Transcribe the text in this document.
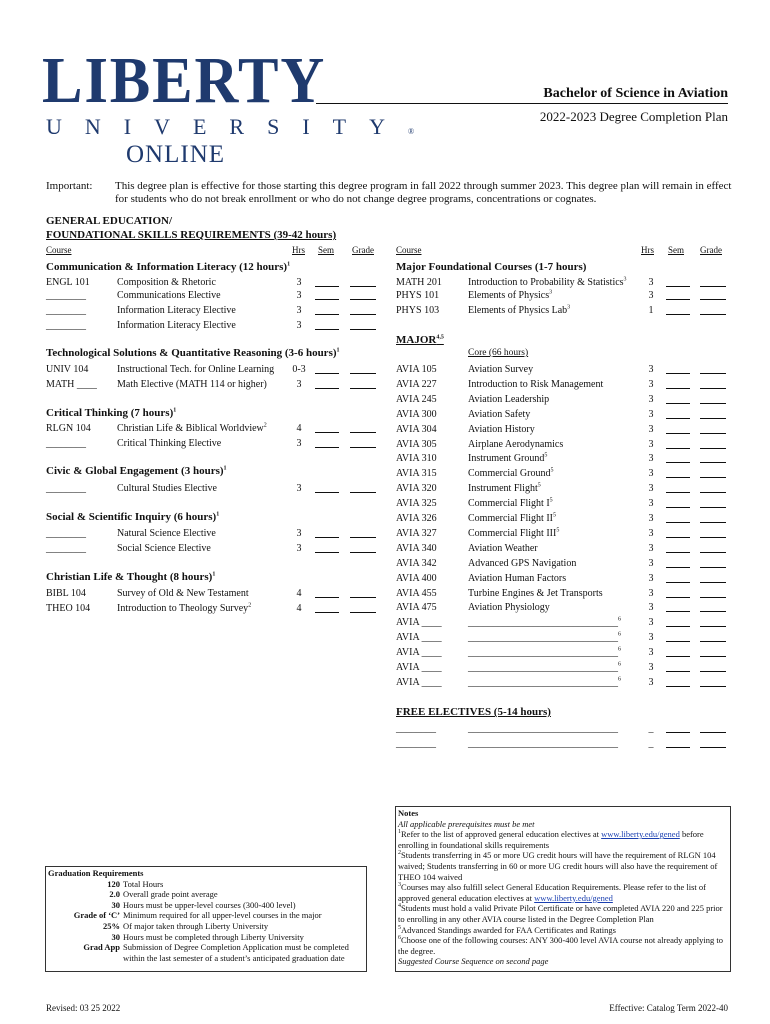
LIBERTY
UNIVERSITY®
ONLINE
Bachelor of Science in Aviation
2022-2023 Degree Completion Plan
Important: This degree plan is effective for those starting this degree program in fall 2022 through summer 2023. This degree plan will remain in effect for students who do not break enrollment or who do not change degree programs, concentrations or cognates.
GENERAL EDUCATION/
FOUNDATIONAL SKILLS REQUIREMENTS (39-42 hours)
Course	Hrs Sem Grade Course	Hrs Sem Grade
Communication & Information Literacy (12 hours)$^1$
ENGL 101	Composition & Rhetoric	3
________	Communications Elective	3
________	Information Literacy Elective	3
________	Information Literacy Elective	3
Technological Solutions & Quantitative Reasoning (3-6 hours)$^1$
UNIV 104	Instructional Tech. for Online Learning 0-3
MATH ____	Math Elective (MATH 114 or higher)	3
Critical Thinking (7 hours)$^1$
RLGN 104	Christian Life & Biblical Worldview$^2$	4
________	Critical Thinking Elective	3
Civic & Global Engagement (3 hours)$^1$
________	Cultural Studies Elective	3
Social & Scientific Inquiry (6 hours)$^1$
________	Natural Science Elective	3
________	Social Science Elective	3
Christian Life & Thought (8 hours)$^1$
BIBL 104	Survey of Old & New Testament	4
THEO 104	Introduction to Theology Survey$^2$	4
Major Foundational Courses (1-7 hours)
MATH 201	Introduction to Probability & Statistics$^3$	3
PHYS 101	Elements of Physics$^3$	3
PHYS 103	Elements of Physics Lab$^3$	1
MAJOR$^{4,5}$
Core (66 hours)
AVIA 105	Aviation Survey	3
AVIA 227	Introduction to Risk Management	3
AVIA 245	Aviation Leadership	3
AVIA 300	Aviation Safety	3
AVIA 304	Aviation History	3
AVIA 305	Airplane Aerodynamics	3
AVIA 310	Instrument Ground$^5$	3
AVIA 315	Commercial Ground$^5$	3
AVIA 320	Instrument Flight$^5$	3
AVIA 325	Commercial Flight $I^5$	3
AVIA 326	Commercial Flight $II^5$	3
AVIA 327	Commercial Flight III$^5$	3
AVIA 340	Aviation Weather	3
AVIA 342	Advanced GPS Navigation	3
AVIA 400	Aviation Human Factors	3
AVIA 455	Turbine Engines & Jet Transports	3
AVIA 475	Aviation Physiology	3
AVIA ____	______________________________$^6$	3
AVIA ____	______________________________$^6$	3
AVIA ____	______________________________$^6$	3
AVIA ____	______________________________$^6$	3
AVIA ____	______________________________$^6$	3
FREE ELECTIVES (5-14 hours)
________	______________________________	_
________	______________________________	_
Notes
All applicable prerequisites must be met
$^1$Refer to the list of approved general education electives at www.liberty.edu/gened before enrolling in foundational skills requirements
$^2$Students transferring in 45 or more UG credit hours will have the requirement of RLGN 104 waived; Students transferring in 60 or more UG credit hours will also have the requirement of THEO 104 waived
$^3$Courses may also fulfill select General Education Requirements. Please refer to the list of approved general education electives at www.liberty.edu/gened
$^4$Students must hold a valid Private Pilot Certificate or have completed AVIA 220 and 225 prior to enrolling in any other AVIA course listed in the Degree Completion Plan
$^5$Advanced Standings awarded for FAA Certificates and Ratings
$^6$Choose one of the following courses: ANY 300-400 level AVIA course not already applying to the degree.
Suggested Course Sequence on second page
Graduation Requirements
120 Total Hours
2.0 Overall grade point average
30 Hours must be upper-level courses (300-400 level)
Grade of ‘C’ Minimum required for all upper-level courses in the major
25% Of major taken through Liberty University
30 Hours must be completed through Liberty University
Grad App Submission of Degree Completion Application must be completed within the last semester of a student’s anticipated graduation date
Revised: 03 25 2022	Effective: Catalog Term 2022-40
